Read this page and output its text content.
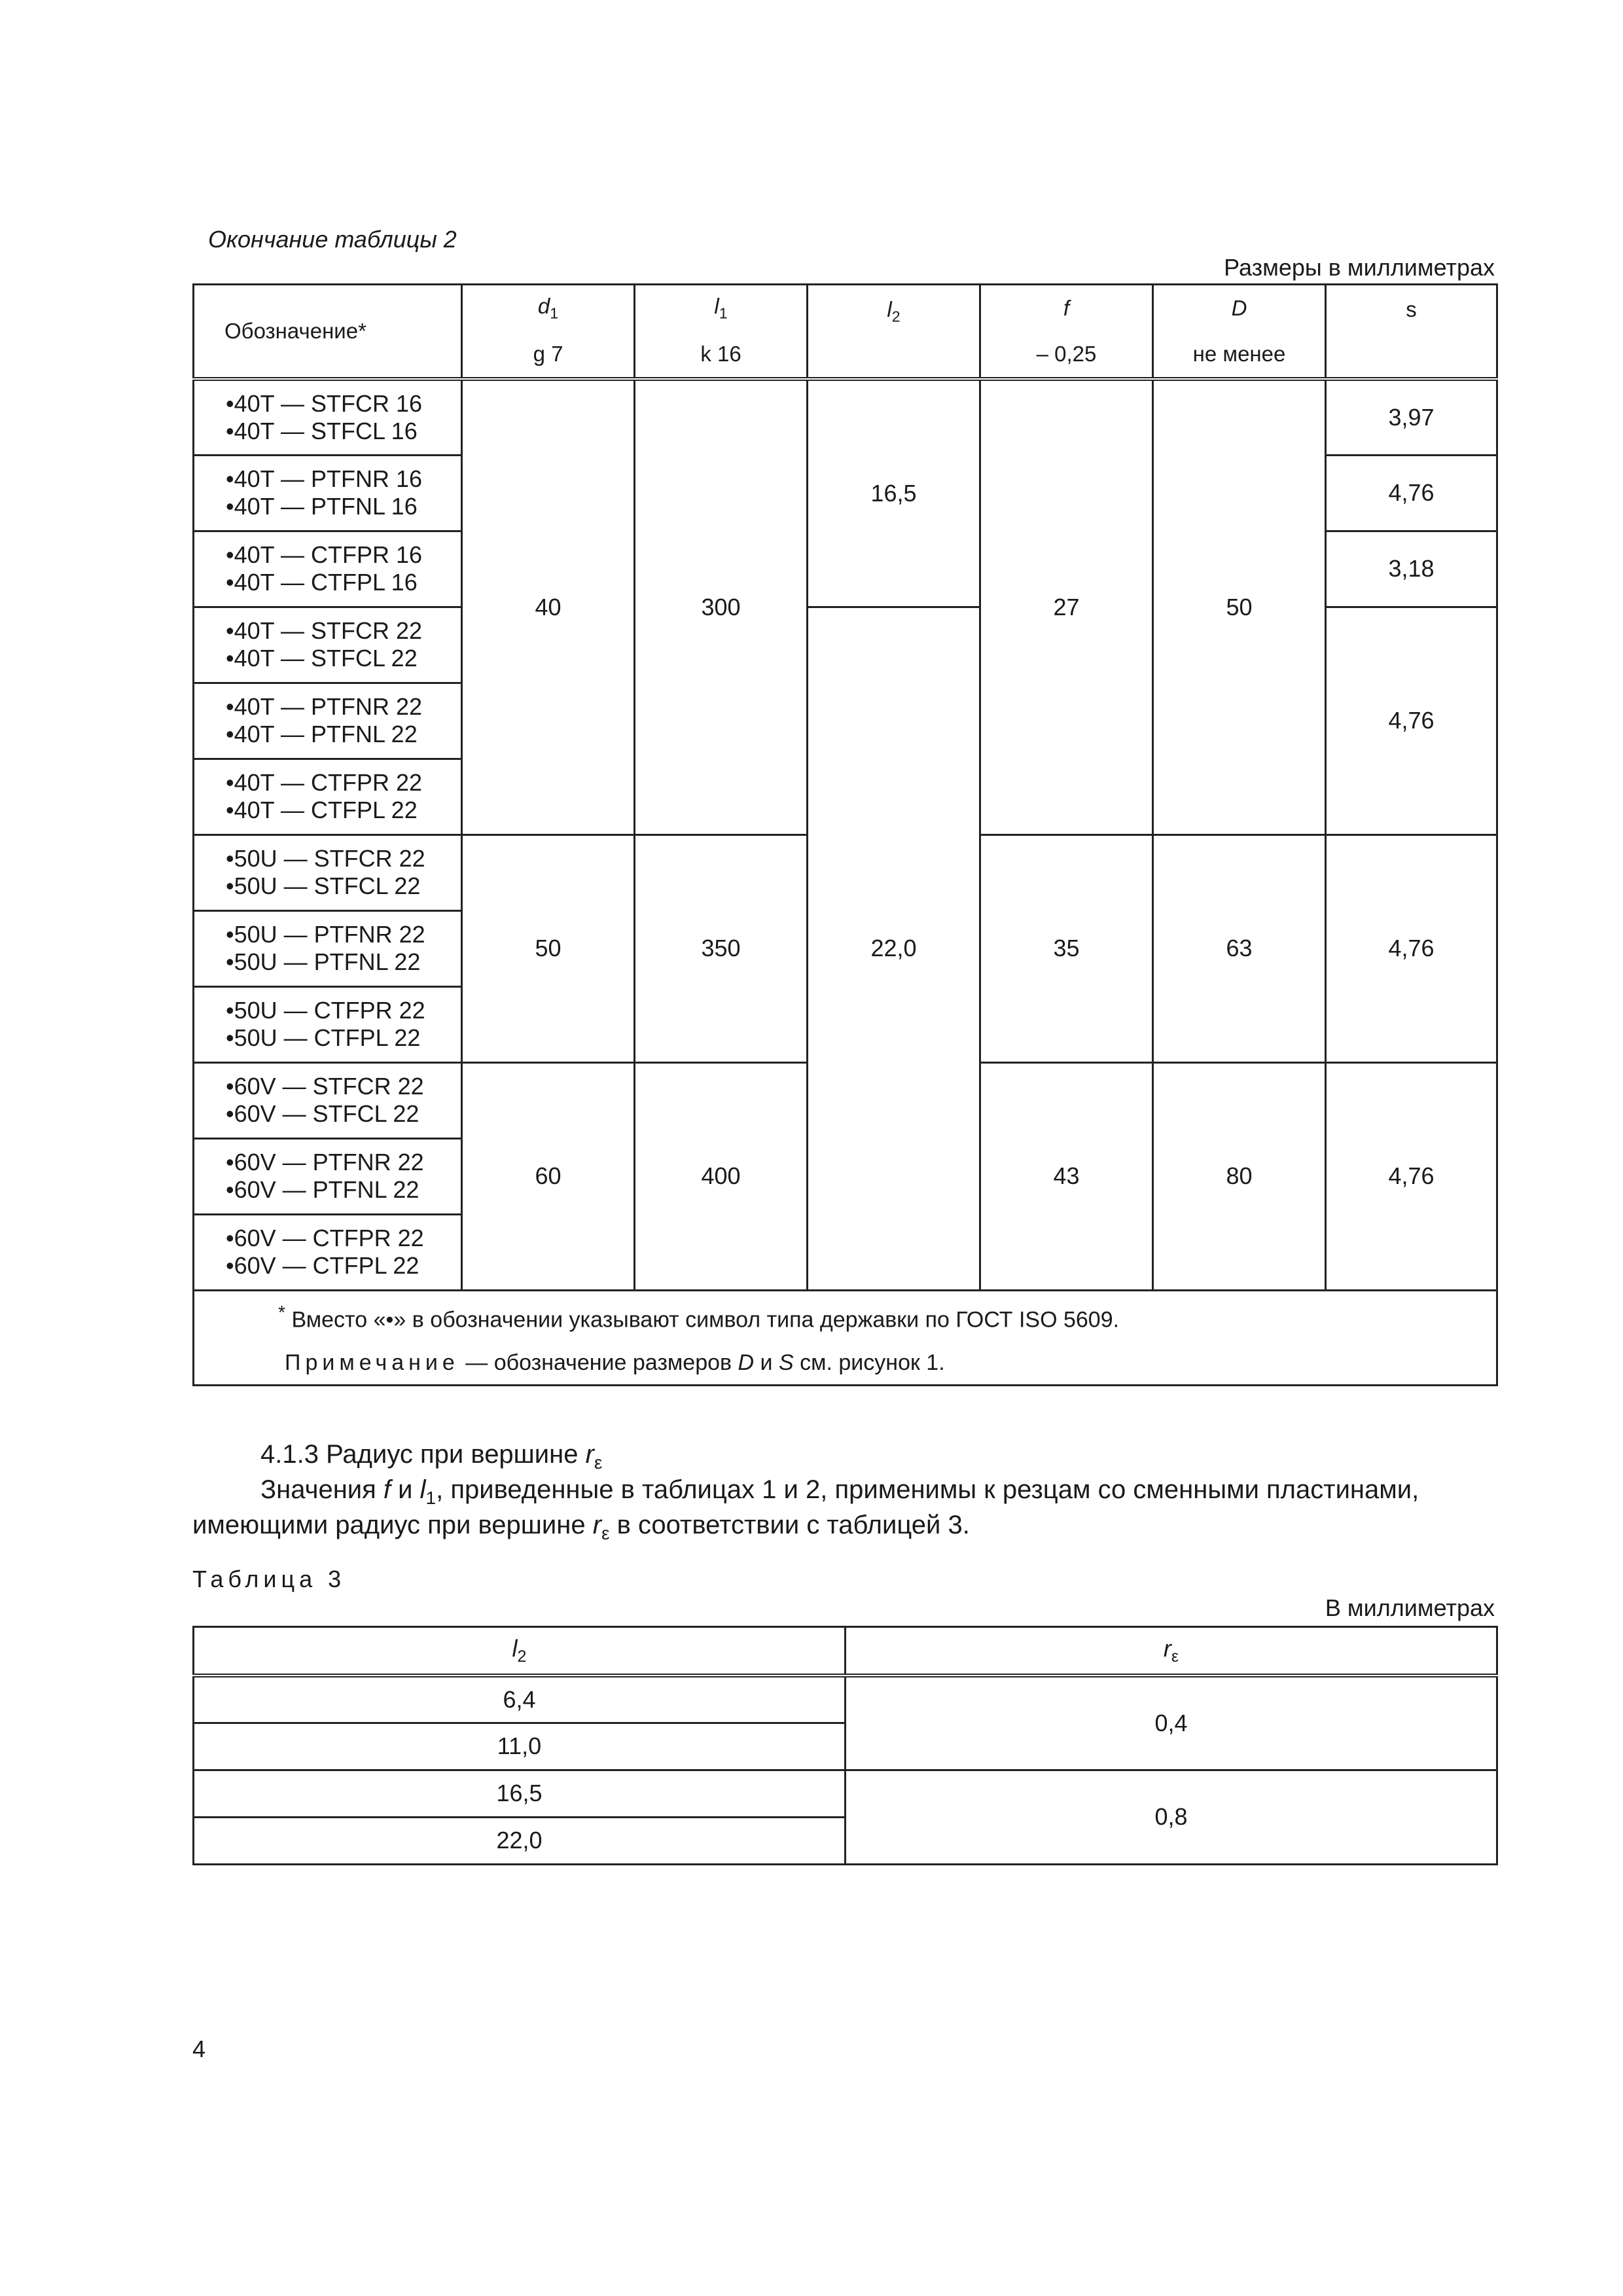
Окончание таблицы 2
Размеры в миллиметрах
Обозначение*	$d_1$	$l_1$	$l_2$	f	D	s
	g 7	k 16		– 0,25	не менее	

•40T — STFCR 16
•40T — STFCL 16	40	300	16,5	27	50	3,97

•40T — PTFNR 16
•40T — PTFNL 16						4,76

•40T — CTFPR 16
•40T — CTFPL 16						3,18

•40T — STFCR 22
•40T — STFCL 22			22,0			4,76

•40T — PTFNR 22
•40T — PTFNL 22						

•40T — CTFPR 22
•40T — CTFPL 22						

•50U — STFCR 22
•50U — STFCL 22	50	350		35	63	4,76

•50U — PTFNR 22
•50U — PTFNL 22						

•50U — CTFPR 22
•50U — CTFPL 22						

•60V — STFCR 22
•60V — STFCL 22	60	400		43	80	4,76

•60V — PTFNR 22
•60V — PTFNL 22						

•60V — CTFPR 22
•60V — CTFPL 22						

* Вместо «•» в обозначении указывают символ типа державки по ГОСТ ISO 5609.
Примечание — обозначение размеров D и S см. рисунок 1.						
4.1.3 Радиус при вершине $r_\varepsilon$
Значения f и $l_1$, приведенные в таблицах 1 и 2, применимы к резцам со сменными пластинами,
имеющими радиус при вершине $r_\varepsilon$ в соответствии с таблицей 3.
Таблица 3
В миллиметрах
$l_2$	$r_\varepsilon$
6,4	0,4
11,0	
16,5	0,8
22,0	
4
